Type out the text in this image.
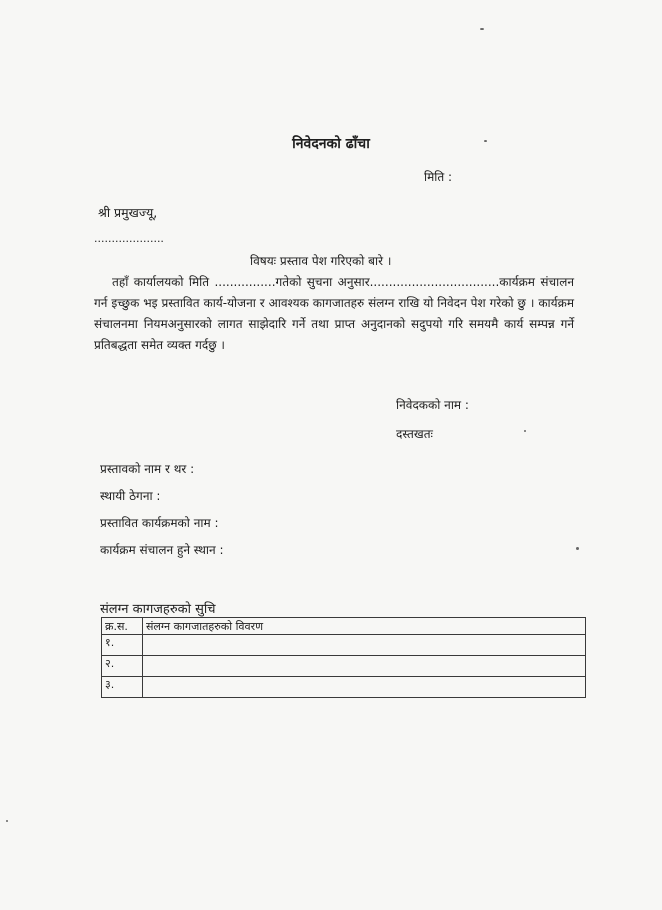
निवेदनको ढाँचा
मिति :
श्री प्रमुखज्यू,
....................
विषयः प्रस्ताव पेश गरिएको बारे ।
तहाँ कार्यालयको मिति ................गतेको सुचना अनुसार..................................कार्यक्रम संचालन गर्न इच्छुक भइ प्रस्तावित कार्य-योजना र आवश्यक कागजातहरु संलग्न राखि यो निवेदन पेश गरेको छु । कार्यक्रम संचालनमा नियमअनुसारको लागत साझेदारि गर्ने तथा प्राप्त अनुदानको सदुपयो गरि समयमै कार्य सम्पन्न गर्ने प्रतिबद्धता समेत व्यक्त गर्दछु ।
निवेदकको नाम :
दस्तखतः
प्रस्तावको नाम र थर :
स्थायी ठेगना :
प्रस्तावित कार्यक्रमको नाम :
कार्यक्रम संचालन हुने स्थान :
संलग्न कागजहरुको सुचि
क्र.स.	संलग्न कागजातहरुको विवरण
१.	
२.	
३.	
